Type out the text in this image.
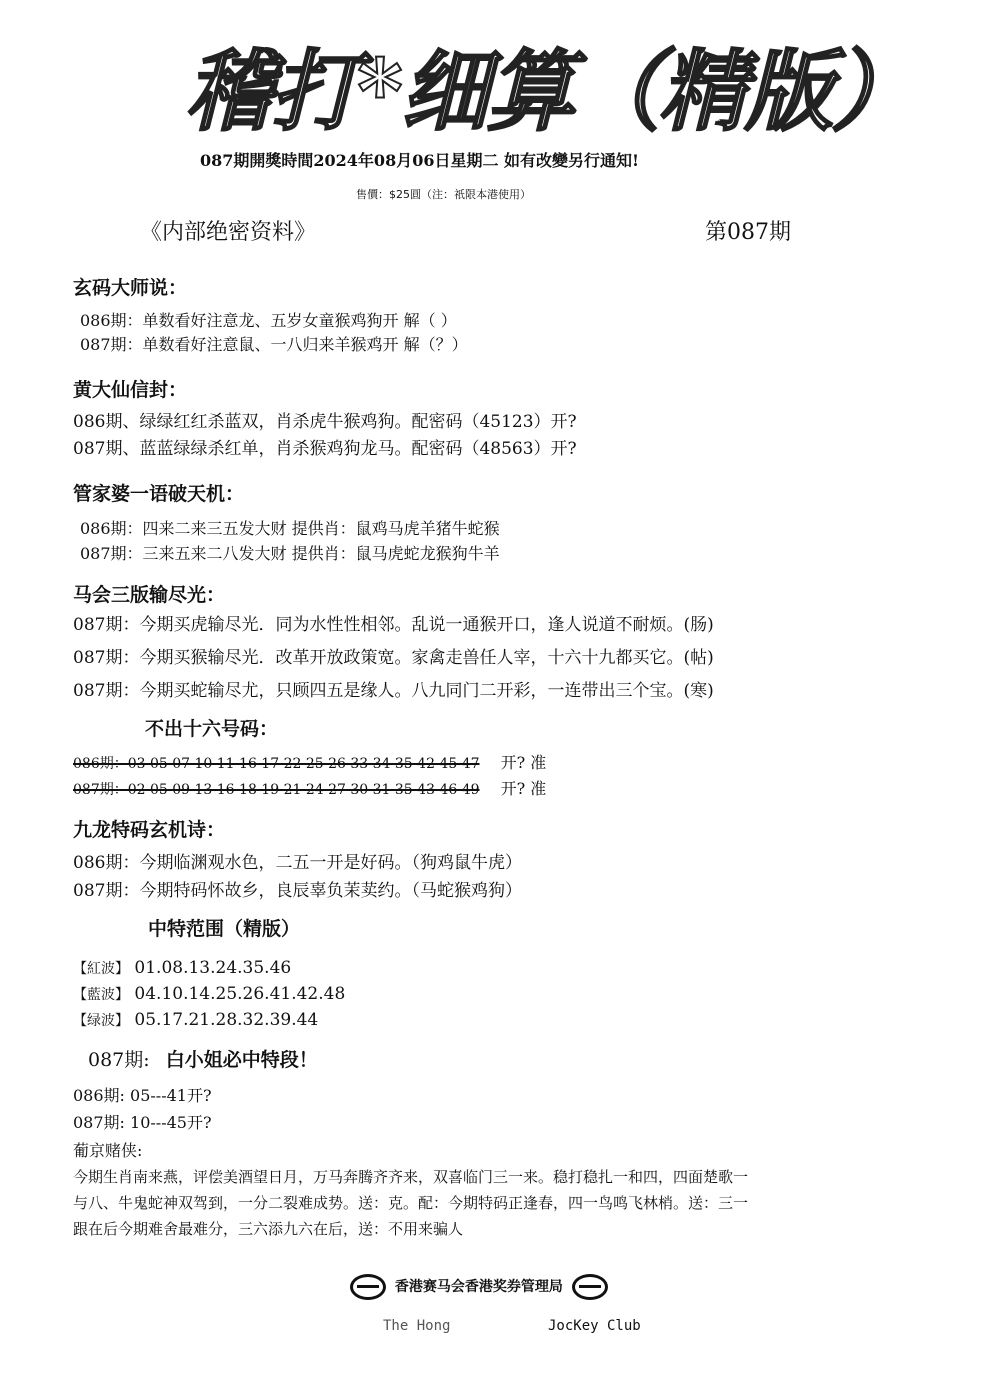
稽打*细算（精版）
087期開獎時間2024年08月06日星期二 如有改變另行通知!
售價：$25圓（注：祇限本港使用）
《内部绝密资料》	第087期
玄码大师说：
086期：单数看好注意龙、五岁女童猴鸡狗开 解（ ）
087期：单数看好注意鼠、一八归来羊猴鸡开 解（？）
黄大仙信封：
086期、绿绿红红杀蓝双，肖杀虎牛猴鸡狗。配密码（45123）开?
087期、蓝蓝绿绿杀红单，肖杀猴鸡狗龙马。配密码（48563）开?
管家婆一语破天机：
086期：四来二来三五发大财 提供肖：鼠鸡马虎羊猪牛蛇猴
087期：三来五来二八发大财 提供肖：鼠马虎蛇龙猴狗牛羊
马会三版输尽光：
087期：今期买虎输尽光．同为水性性相邻。乱说一通猴开口，逢人说道不耐烦。(肠)
087期：今期买猴输尽光．改革开放政策宽。家禽走兽任人宰，十六十九都买它。(帖)
087期：今期买蛇输尽尤，只顾四五是缘人。八九同门二开彩，一连带出三个宝。(寒)
不出十六号码：
086期：03 05 07 10 11 16 17 22 25 26 33 34 35 42 45 47 开? 准
087期：02 05 09 13 16 18 19 21 24 27 30 31 35 43 46 49 开? 准
九龙特码玄机诗：
086期：今期临渊观水色，二五一开是好码。（狗鸡鼠牛虎）
087期：今期特码怀故乡，良辰辜负茉荬约。（马蛇猴鸡狗）
中特范围（精版）
【紅波】 01.08.13.24.35.46
【藍波】 04.10.14.25.26.41.42.48
【绿波】 05.17.21.28.32.39.44
087期: 白小姐必中特段！
086期: 05---41开?
087期: 10---45开?
葡京赌侠:
今期生肖南来燕，评偿美酒望日月，万马奔腾齐齐来，双喜临门三一来。稳打稳扎一和四，四面楚歌一
与八、牛鬼蛇神双驾到，一分二裂难成势。送：克。配：今期特码正逢春，四一鸟鸣飞林梢。送：三一
跟在后今期难舍最难分，三六添九六在后，送：不用来骗人
香港赛马会香港奖券管理局
The Hong	JocKey Club
